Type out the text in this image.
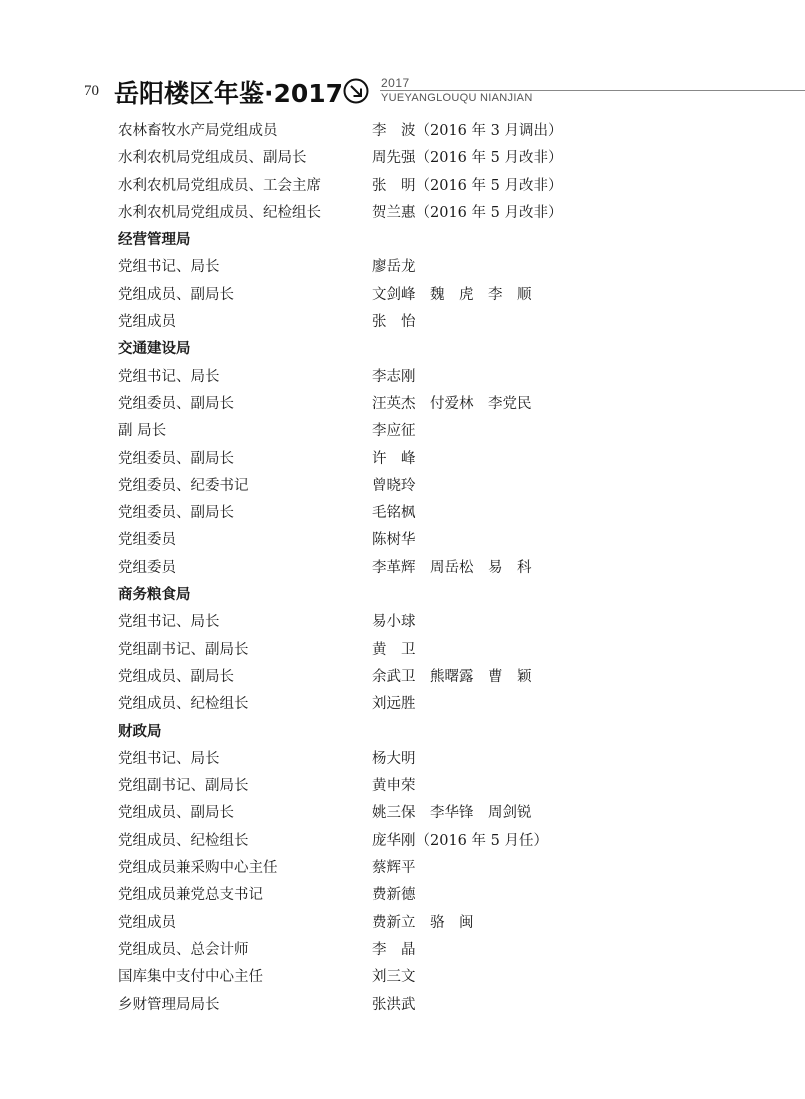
70 岳阳楼区年鉴·2017	2017
YUEYANGLOUQU NIANJIAN
农林畜牧水产局党组成员	李　波（2016 年 3 月调出）
水利农机局党组成员、副局长	周先强（2016 年 5 月改非）
水利农机局党组成员、工会主席	张　明（2016 年 5 月改非）
水利农机局党组成员、纪检组长	贺兰惠（2016 年 5 月改非）
经营管理局
党组书记、局长	廖岳龙
党组成员、副局长	文剑峰　魏　虎　李　顺
党组成员	张　怡
交通建设局
党组书记、局长	李志刚
党组委员、副局长	汪英杰　付爱林　李党民
副 局长	李应征
党组委员、副局长	许　峰
党组委员、纪委书记	曾晓玲
党组委员、副局长	毛铭枫
党组委员	陈树华
党组委员	李革辉　周岳松　易　科
商务粮食局
党组书记、局长	易小球
党组副书记、副局长	黄　卫
党组成员、副局长	余武卫　熊曙露　曹　颖
党组成员、纪检组长	刘远胜
财政局
党组书记、局长	杨大明
党组副书记、副局长	黄申荣
党组成员、副局长	姚三保　李华锋　周剑锐
党组成员、纪检组长	庞华刚（2016 年 5 月任）
党组成员兼采购中心主任	蔡辉平
党组成员兼党总支书记	费新德
党组成员	费新立　骆　闽
党组成员、总会计师	李　晶
国库集中支付中心主任	刘三文
乡财管理局局长	张洪武
